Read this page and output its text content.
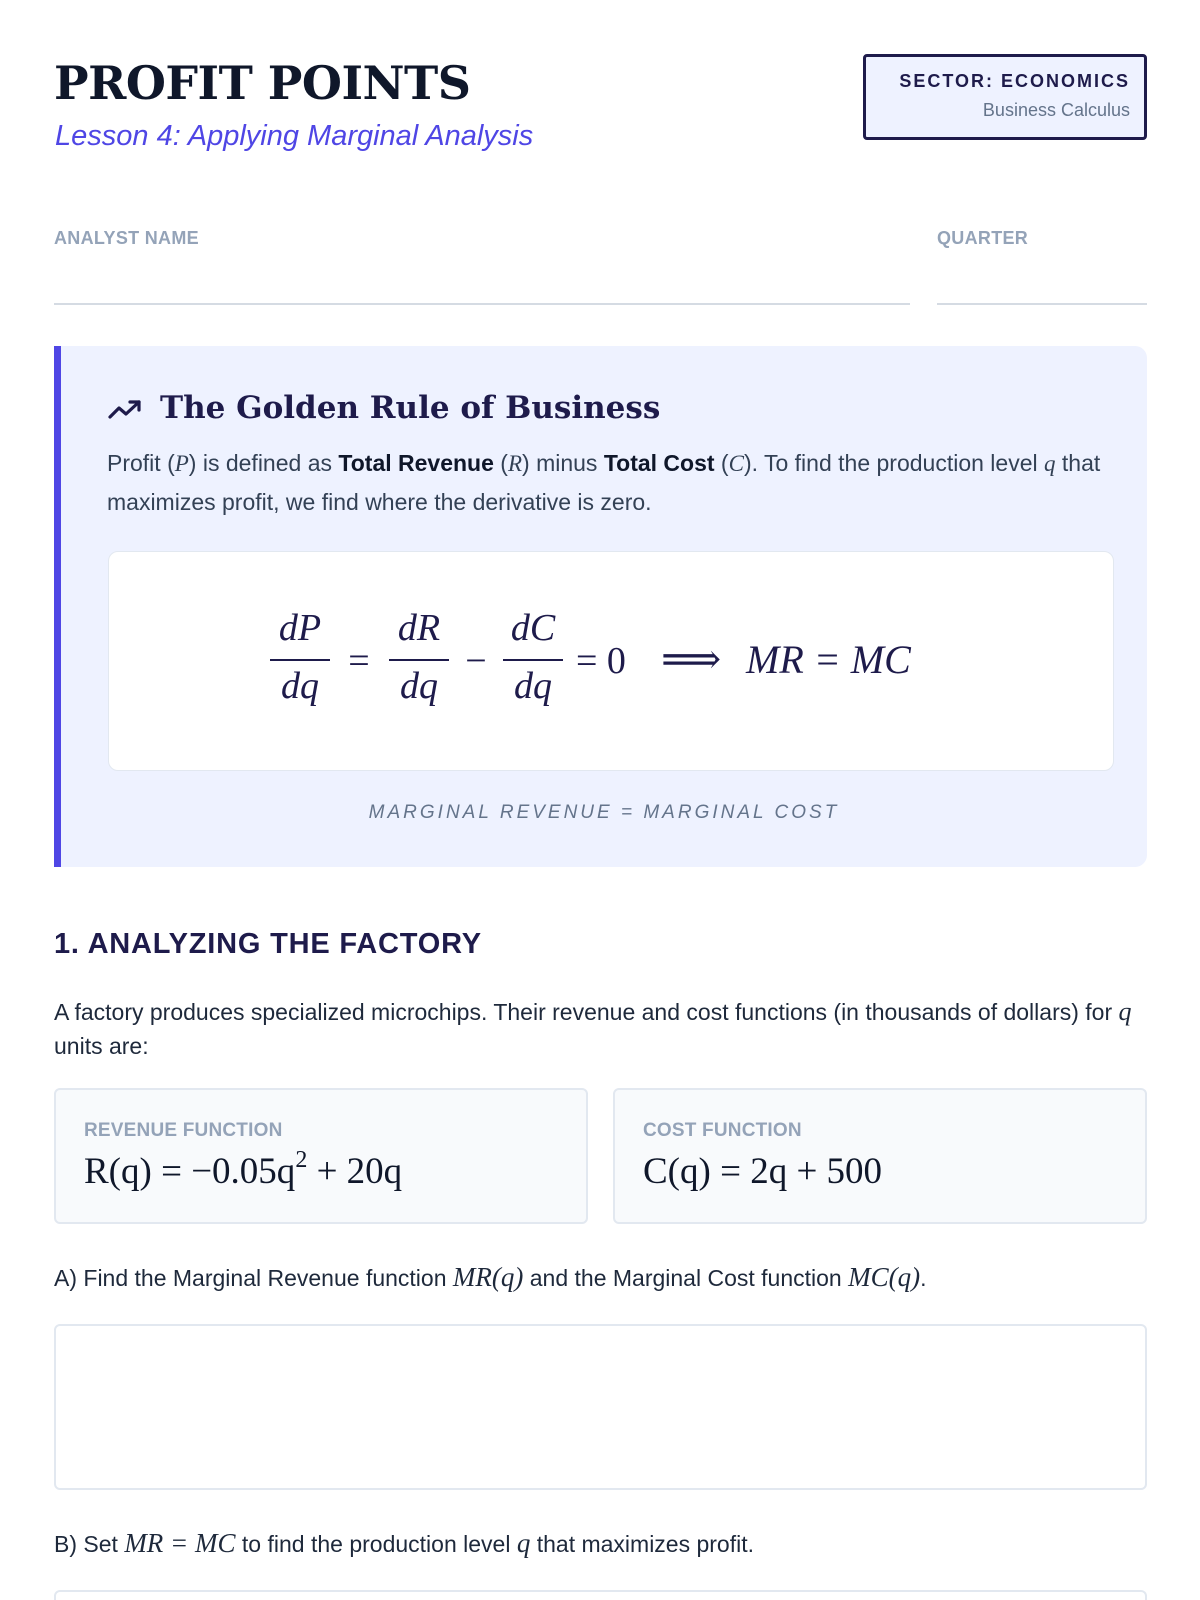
PROFIT POINTS
Lesson 4: Applying Marginal Analysis
SECTOR: ECONOMICS
Business Calculus
ANALYST NAME	QUARTER
The Golden Rule of Business
Profit (P) is defined as Total Revenue (R) minus Total Cost (C). To find the production level q that maximizes profit, we find where the derivative is zero.
dP
dq
=
dR
dq
−
dC
dq
= 0 ⟹ MR = MC
MARGINAL REVENUE = MARGINAL COST
1. ANALYZING THE FACTORY
A factory produces specialized microchips. Their revenue and cost functions (in thousands of dollars) for q units are:
REVENUE FUNCTION
$R(q) = -0.05q^2 + 20q$
COST FUNCTION
C(q) = 2q + 500
A) Find the Marginal Revenue function MR(q) and the Marginal Cost function MC(q).
B) Set MR = MC to find the production level q that maximizes profit.
